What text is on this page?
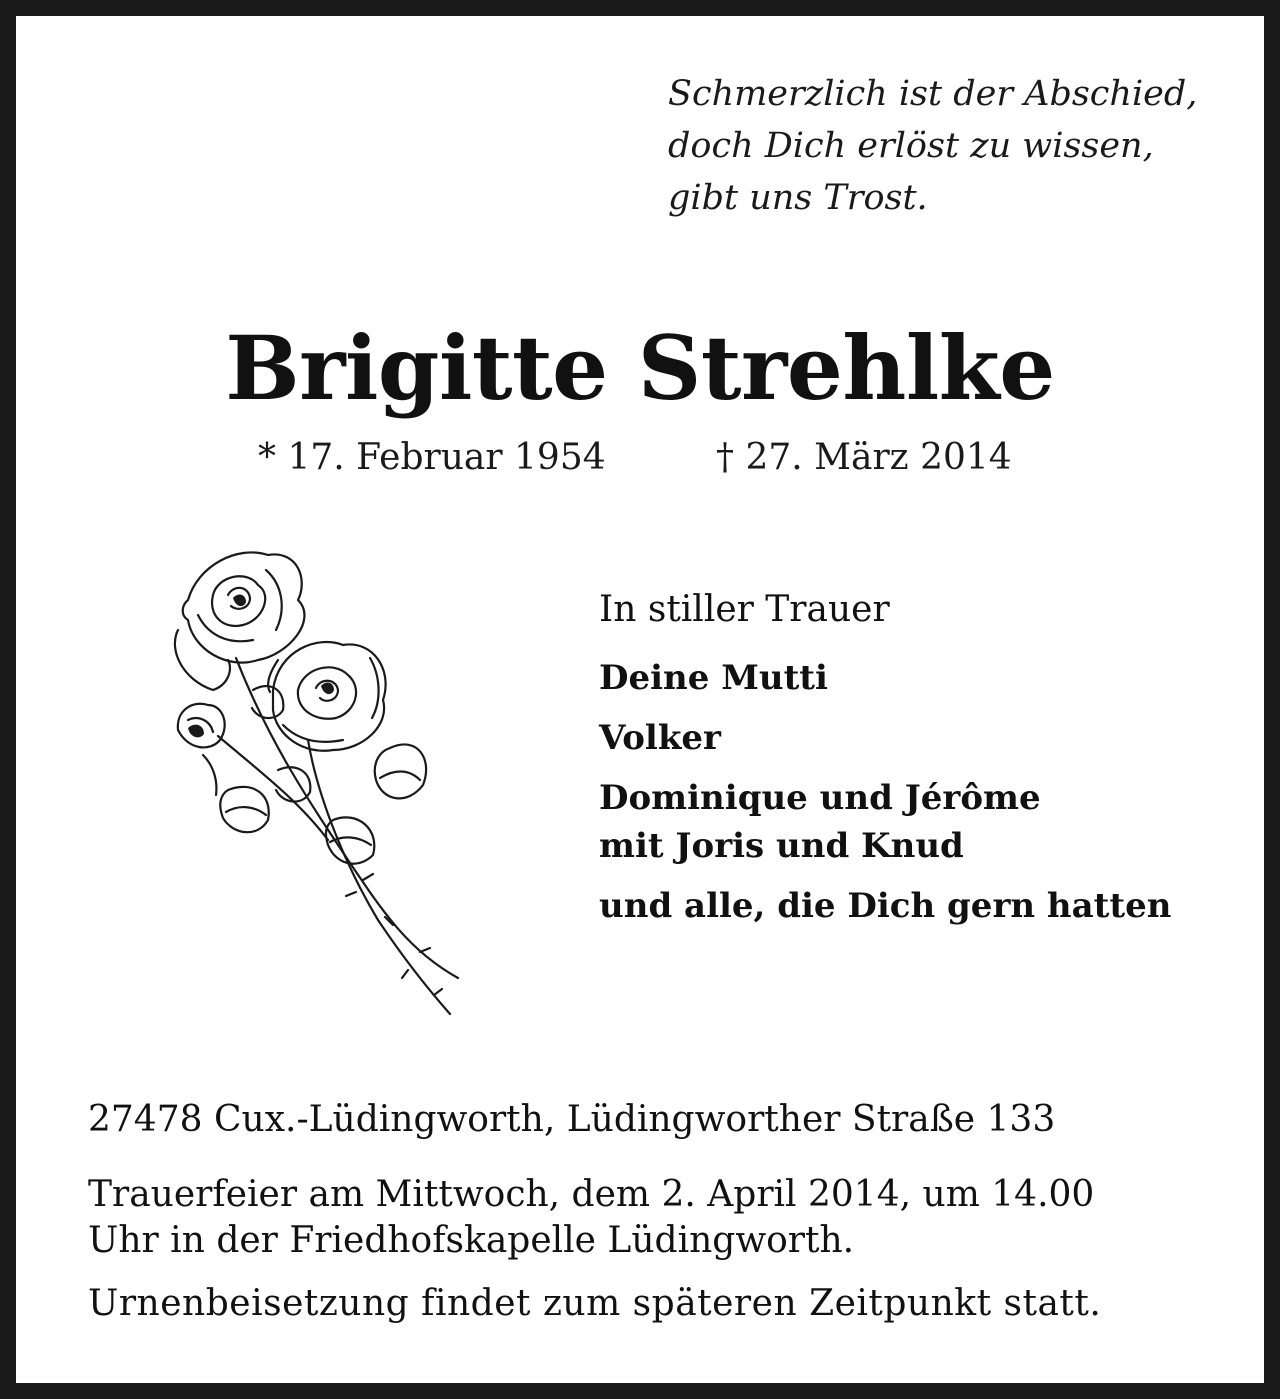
Schmerzlich ist der Abschied,
doch Dich erlöst zu wissen,
gibt uns Trost.
Brigitte Strehlke
* 17. Februar 1954	† 27. März 2014
In stiller Trauer
Deine Mutti
Volker
Dominique und Jérôme
mit Joris und Knud
und alle, die Dich gern hatten
27478 Cux.-Lüdingworth, Lüdingworther Straße 133
Trauerfeier am Mittwoch, dem 2. April 2014, um 14.00
Uhr in der Friedhofskapelle Lüdingworth.
Urnenbeisetzung findet zum späteren Zeitpunkt statt.
